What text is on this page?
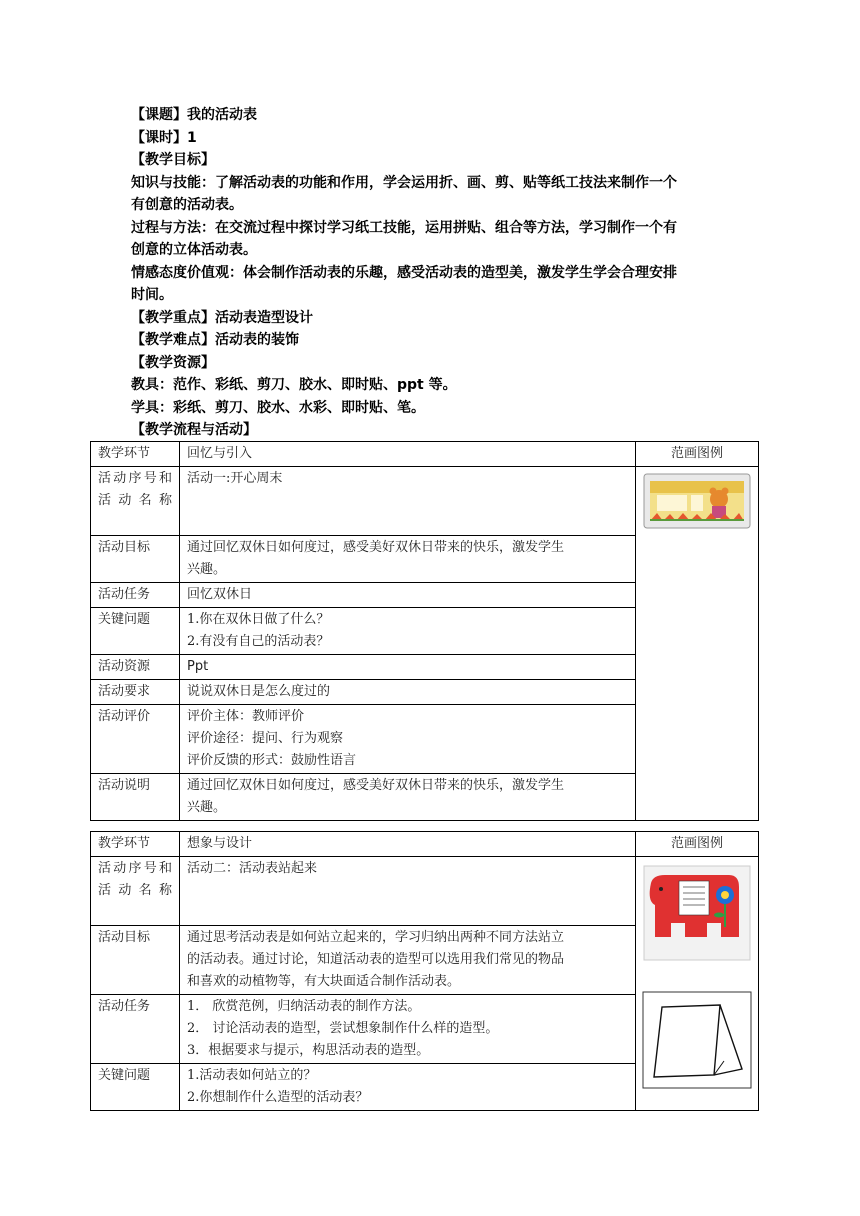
【课题】我的活动表

【课时】1

【教学目标】

知识与技能：了解活动表的功能和作用，学会运用折、画、剪、贴等纸工技法来制作一个

有创意的活动表。

过程与方法：在交流过程中探讨学习纸工技能，运用拼贴、组合等方法，学习制作一个有

创意的立体活动表。

情感态度价值观：体会制作活动表的乐趣，感受活动表的造型美，激发学生学会合理安排

时间。

【教学重点】活动表造型设计

【教学难点】活动表的装饰

【教学资源】

教具：范作、彩纸、剪刀、胶水、即时贴、ppt 等。

学具：彩纸、剪刀、胶水、水彩、即时贴、笔。

【教学流程与活动】

教学环节	回忆与引入	范画图例
活动序号和活动名称	活动一:开心周末	

活动目标	通过回忆双休日如何度过，感受美好双休日带来的快乐，激发学生
兴趣。	

活动任务	回忆双休日	
关键问题	1.你在双休日做了什么？
2.有没有自己的活动表？	

活动资源	Ppt	
活动要求	说说双休日是怎么度过的	
活动评价	评价主体：教师评价
评价途径：提问、行为观察
评价反馈的形式：鼓励性语言	

活动说明	通过回忆双休日如何度过，感受美好双休日带来的快乐，激发学生
兴趣。	
教学环节	想象与设计	范画图例
活动序号和活动名称	活动二：活动表站起来	

活动目标	通过思考活动表是如何站立起来的，学习归纳出两种不同方法站立
的活动表。通过讨论，知道活动表的造型可以选用我们常见的物品
和喜欢的动植物等，有大块面适合制作活动表。	

活动任务	1． 欣赏范例，归纳活动表的制作方法。
2． 讨论活动表的造型，尝试想象制作什么样的造型。
3．根据要求与提示，构思活动表的造型。	

关键问题	1.活动表如何站立的？
2.你想制作什么造型的活动表？	
